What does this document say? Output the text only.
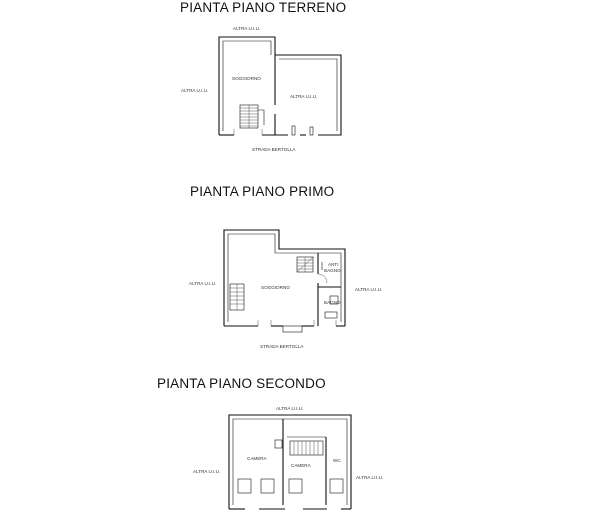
PIANTA PIANO TERRENO
PIANTA PIANO PRIMO
PIANTA PIANO SECONDO
ALTRA U.I.U.
ALTRA U.I.U.
SOGGIORNO
ALTRA U.I.U.
STRADA BERTOLLA
ALTRA U.I.U.
ALTRA U.I.U.
SOGGIORNO
ANTI
BAGNO
BAGNO
STRADA BERTOLLA
ALTRA U.I.U.
ALTRA U.I.U.
ALTRA U.I.U.
CAMERA
CAMERA
WC
